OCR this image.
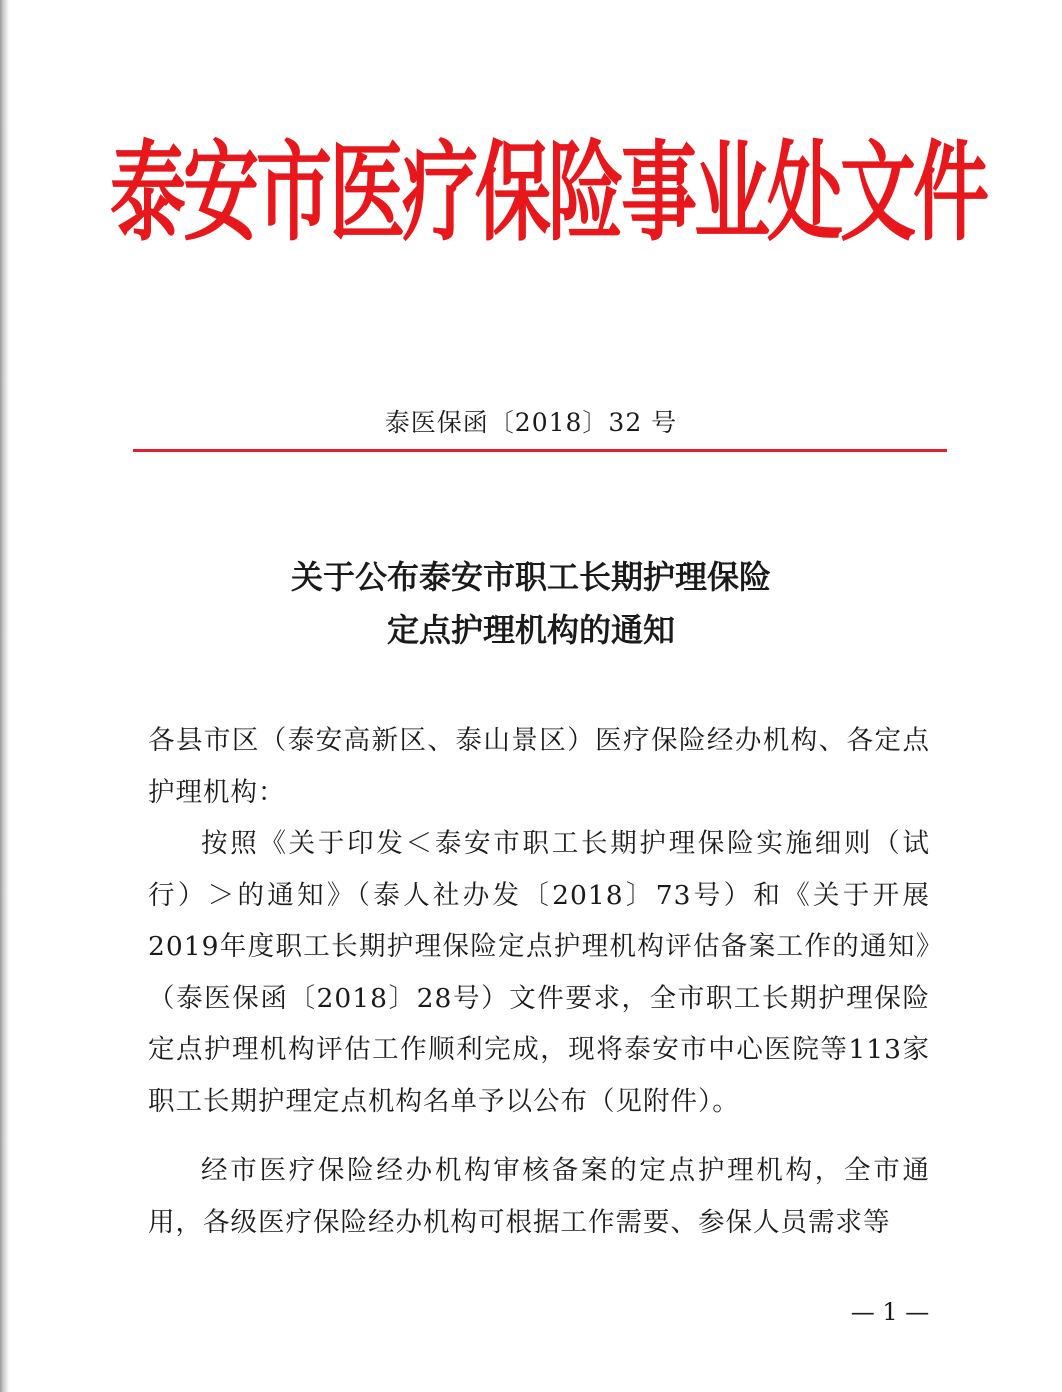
泰安市医疗保险事业处文件
泰医保函〔2018〕32 号
关于公布泰安市职工长期护理保险
定点护理机构的通知
各县市区（泰安高新区、泰山景区）医疗保险经办机构、各定点护理机构：
按照《关于印发＜泰安市职工长期护理保险实施细则（试行）＞的通知》（泰人社办发〔2018〕73号）和《关于开展2019年度职工长期护理保险定点护理机构评估备案工作的通知》（泰医保函〔2018〕28号）文件要求，全市职工长期护理保险定点护理机构评估工作顺利完成，现将泰安市中心医院等113家职工长期护理定点机构名单予以公布（见附件）。
经市医疗保险经办机构审核备案的定点护理机构，全市通用，各级医疗保险经办机构可根据工作需要、参保人员需求等
— 1 —
